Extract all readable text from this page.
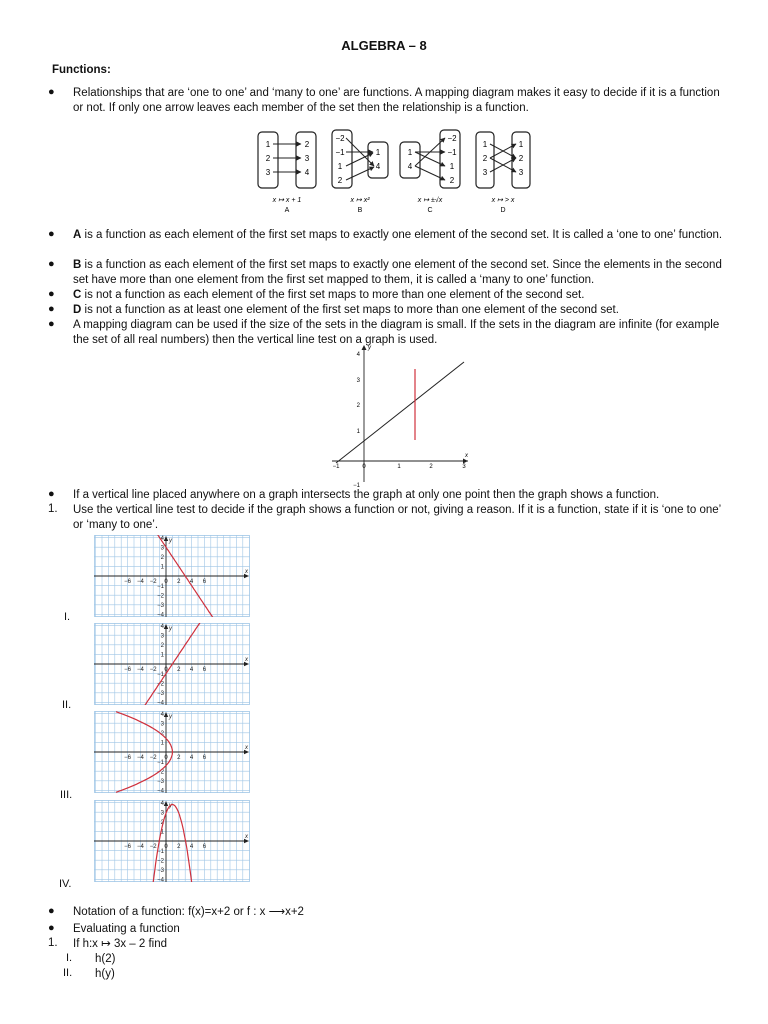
ALGEBRA – 8
Functions:
● Relationships that are ‘one to one’ and ‘many to one’ are functions. A mapping diagram makes it easy to decide if it is a function or not. If only one arrow leaves each member of the set then the relationship is a function.
1
2
3
2
3
4
x ↦ x + 1
A
−2
−1
1
2
1
4
x ↦ x²
B
1
4
−2
−1
1
2
x ↦ ±√x
C
1
2
3
1
2
3
x ↦ > x
D
● A is a function as each element of the first set maps to exactly one element of the second set. It is called a ‘one to one’ function.
● B is a function as each element of the first set maps to exactly one element of the second set. Since the elements in the second set have more than one element from the first set mapped to them, it is called a ‘many to one’ function.
● C is not a function as each element of the first set maps to more than one element of the second set.
● D is not a function as at least one element of the first set maps to more than one element of the second set.
● A mapping diagram can be used if the size of the sets in the diagram is small. If the sets in the diagram are infinite (for example the set of all real numbers) then the vertical line test on a graph is used.
x
y
−1	0	1	2	3
−1
1
2
3
4
● If a vertical line placed anywhere on a graph intersects the graph at only one point then the graph shows a function.
1. Use the vertical line test to decide if the graph shows a function or not, giving a reason. If it is a function, state if it is ‘one to one’ or ‘many to one’.
−6 −4 −2 0 2 4 6
4
3
2
1
−1
−2
−3
−4
x
y
−6 −4 −2 0 2 4 6
4
3
2
1
−1
−2
−3
−4
x
y
−6 −4 −2 0 2 4 6
4
3
2
1
−1
−2
−3
−4
x
y
−6 −4 −2 0 2 4 6
4
3
2
1
−1
−2
−3
−4
x
y
I.
II.
III.
IV.
● Notation of a function: f(x)=x+2 or f : x ⟶x+2
● Evaluating a function
1. If h:x ↦ 3x – 2 find
I. h(2)
II. h(y)
